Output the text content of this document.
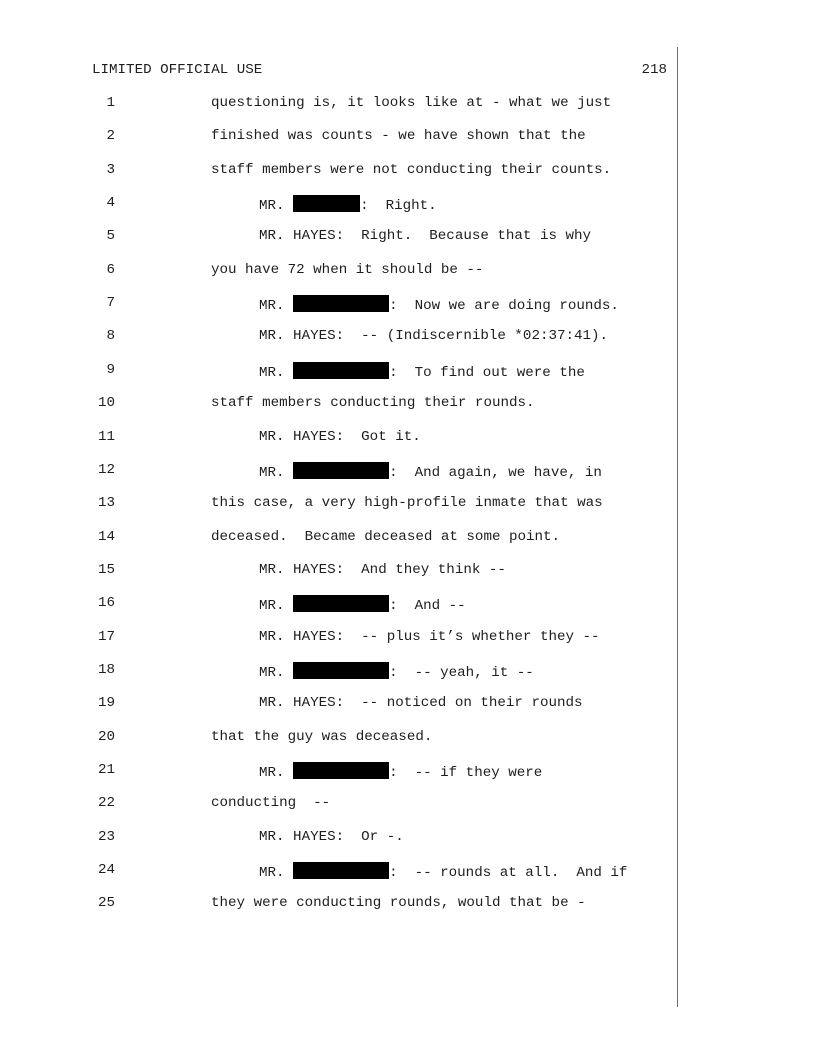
LIMITED OFFICIAL USE	218
1	questioning is, it looks like at - what we just
2	finished was counts - we have shown that the
3	staff members were not conducting their counts.
4	MR.	:  Right.
5	MR. HAYES:  Right.  Because that is why
6	you have 72 when it should be --
7	MR.	:  Now we are doing rounds.
8	MR. HAYES:  -- (Indiscernible *02:37:41).
9	MR.	:  To find out were the
10	staff members conducting their rounds.
11	MR. HAYES:  Got it.
12	MR.	:  And again, we have, in
13	this case, a very high-profile inmate that was
14	deceased.  Became deceased at some point.
15	MR. HAYES:  And they think --
16	MR.	:  And --
17	MR. HAYES:  -- plus it’s whether they --
18	MR.	:  -- yeah, it --
19	MR. HAYES:  -- noticed on their rounds
20	that the guy was deceased.
21	MR.	:  -- if they were
22	conducting  --
23	MR. HAYES:  Or -.
24	MR.	:  -- rounds at all.  And if
25	they were conducting rounds, would that be -
